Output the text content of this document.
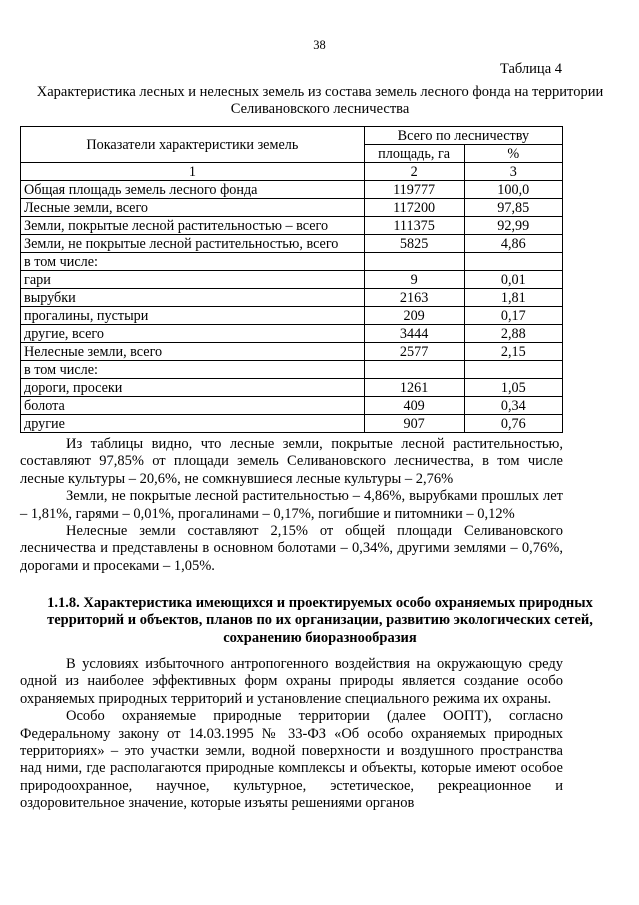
38
Таблица 4
Характеристика лесных и нелесных земель из состава земель лесного фонда на территории Селивановского лесничества
Показатели характеристики земель	Всего по лесничеству	
	площадь, га	%
1	2	3
Общая площадь земель лесного фонда	119777	100,0
Лесные земли, всего	117200	97,85
Земли, покрытые лесной растительностью – всего	111375	92,99
Земли, не покрытые лесной растительностью, всего	5825	4,86
в том числе:		
гари	9	0,01
вырубки	2163	1,81
прогалины, пустыри	209	0,17
другие, всего	3444	2,88
Нелесные земли, всего	2577	2,15
в том числе:		
дороги, просеки	1261	1,05
болота	409	0,34
другие	907	0,76

Из таблицы видно, что лесные земли, покрытые лесной растительностью, составляют 97,85% от площади земель Селивановского лесничества, в том числе лесные культуры – 20,6%, не сомкнувшиеся лесные культуры – 2,76%

Земли, не покрытые лесной растительностью – 4,86%, вырубками прошлых лет – 1,81%, гарями – 0,01%, прогалинами – 0,17%, погибшие и питомники – 0,12%

Нелесные земли составляют 2,15% от общей площади Селивановского лесничества и представлены в основном болотами – 0,34%, другими землями – 0,76%, дорогами и просеками – 1,05%.

1.1.8. Характеристика имеющихся и проектируемых особо охраняемых природных территорий и объектов, планов по их организации, развитию экологических сетей, сохранению биоразнообразия

В условиях избыточного антропогенного воздействия на окружающую среду одной из наиболее эффективных форм охраны природы является создание особо охраняемых природных территорий и установление специального режима их охраны.

Особо охраняемые природные территории (далее ООПТ), согласно Федеральному закону от 14.03.1995 № 33-ФЗ «Об особо охраняемых природных территориях» – это участки земли, водной поверхности и воздушного пространства над ними, где располагаются природные комплексы и объекты, которые имеют особое природоохранное, научное, культурное, эстетическое, рекреационное и оздоровительное значение, которые изъяты решениями органов
